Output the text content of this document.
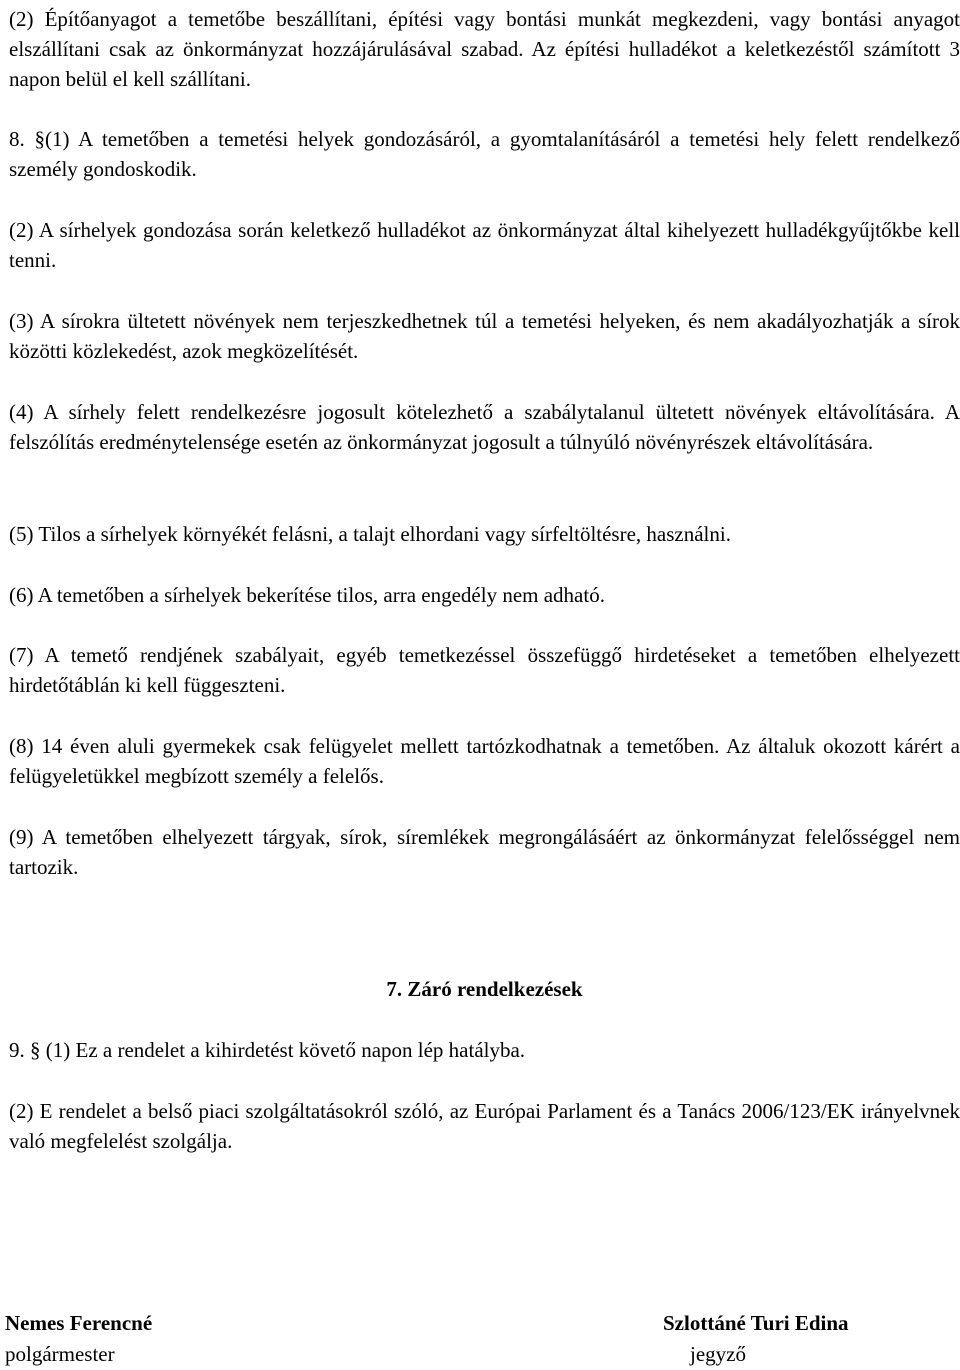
(2) Építőanyagot a temetőbe beszállítani, építési vagy bontási munkát megkezdeni, vagy bontási anyagot elszállítani csak az önkormányzat hozzájárulásával szabad. Az építési hulladékot a keletkezéstől számított 3 napon belül el kell szállítani.

8. §(1) A temetőben a temetési helyek gondozásáról, a gyomtalanításáról a temetési hely felett rendelkező személy gondoskodik.

(2) A sírhelyek gondozása során keletkező hulladékot az önkormányzat által kihelyezett hulladékgyűjtőkbe kell tenni.

(3) A sírokra ültetett növények nem terjeszkedhetnek túl a temetési helyeken, és nem akadályozhatják a sírok közötti közlekedést, azok megközelítését.

(4) A sírhely felett rendelkezésre jogosult kötelezhető a szabálytalanul ültetett növények eltávolítására. A felszólítás eredménytelensége esetén az önkormányzat jogosult a túlnyúló növényrészek eltávolítására.

(5) Tilos a sírhelyek környékét felásni, a talajt elhordani vagy sírfeltöltésre, használni.

(6) A temetőben a sírhelyek bekerítése tilos, arra engedély nem adható.

(7) A temető rendjének szabályait, egyéb temetkezéssel összefüggő hirdetéseket a temetőben elhelyezett hirdetőtáblán ki kell függeszteni.

(8) 14 éven aluli gyermekek csak felügyelet mellett tartózkodhatnak a temetőben. Az általuk okozott kárért a felügyeletükkel megbízott személy a felelős.

(9) A temetőben elhelyezett tárgyak, sírok, síremlékek megrongálásáért az önkormányzat felelősséggel nem tartozik.

7. Záró rendelkezések

9. § (1) Ez a rendelet a kihirdetést követő napon lép hatályba.

(2) E rendelet a belső piaci szolgáltatásokról szóló, az Európai Parlament és a Tanács 2006/123/EK irányelvnek való megfelelést szolgálja.

Nemes Ferencné
polgármester
Szlottáné Turi Edina
jegyző
